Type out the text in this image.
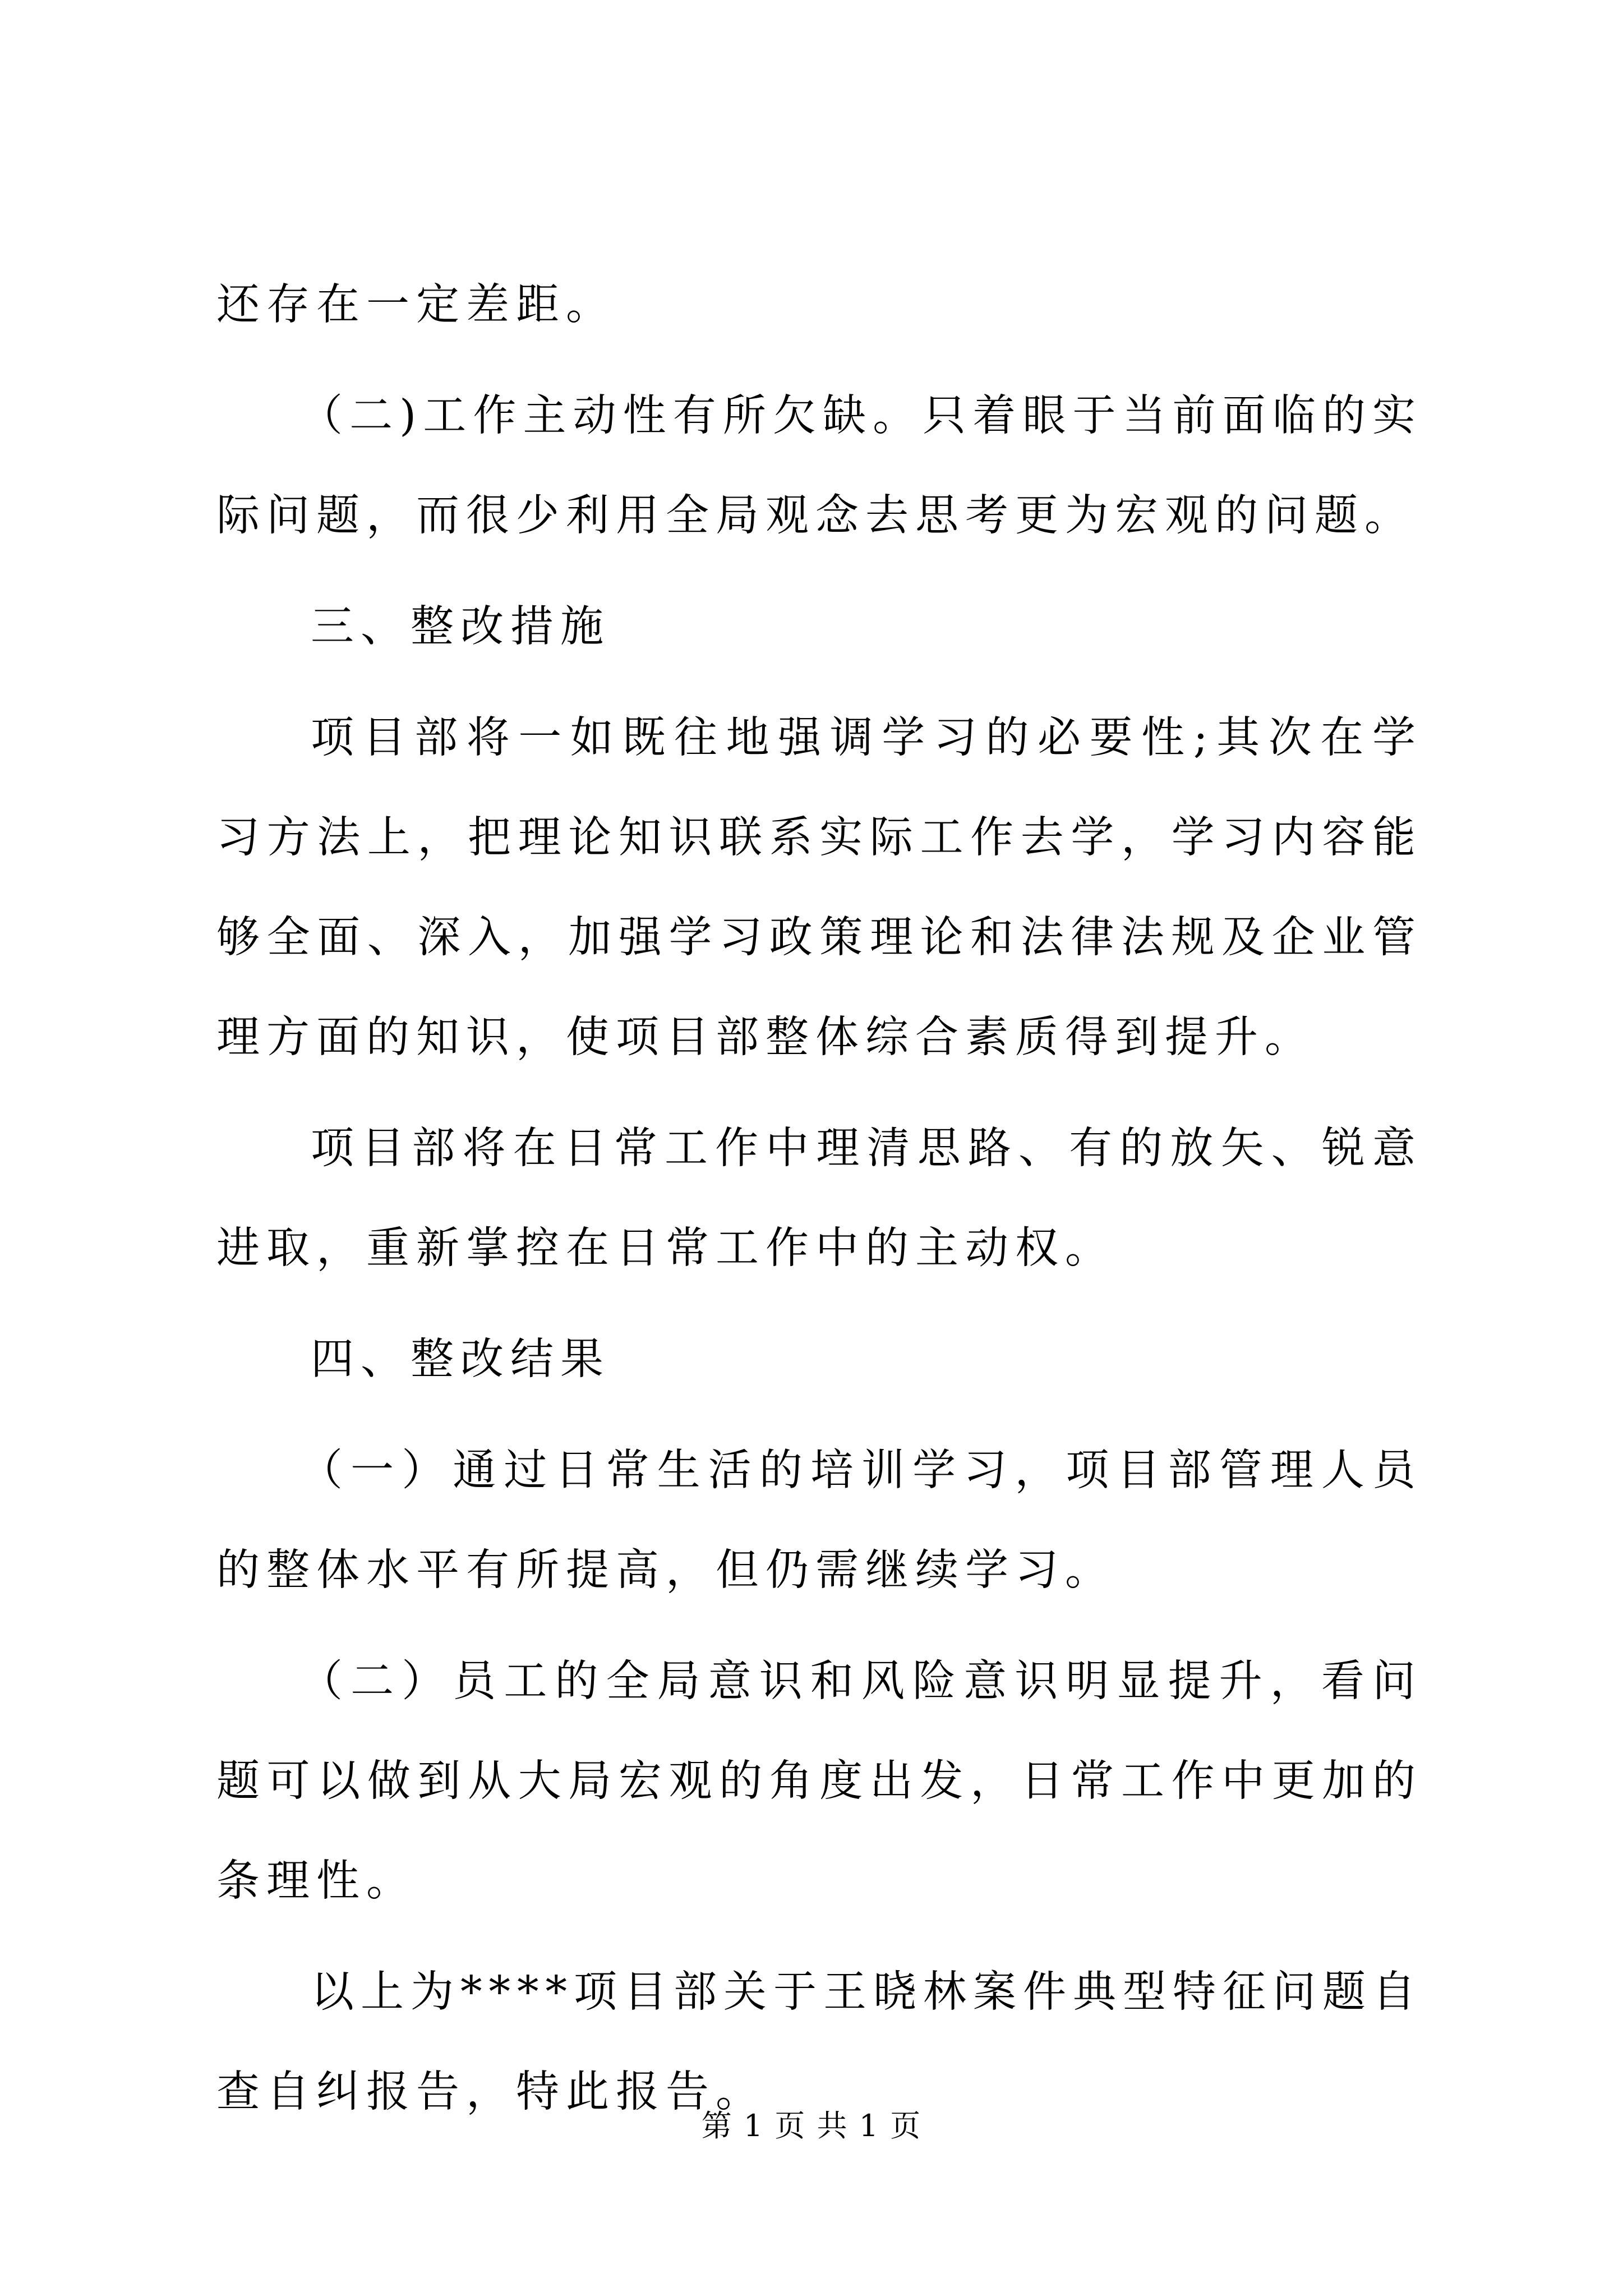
还存在一定差距。

（二)工作主动性有所欠缺。只着眼于当前面临的实际问题，而很少利用全局观念去思考更为宏观的问题。

三、整改措施

项目部将一如既往地强调学习的必要性;其次在学习方法上，把理论知识联系实际工作去学，学习内容能够全面、深入，加强学习政策理论和法律法规及企业管理方面的知识，使项目部整体综合素质得到提升。

项目部将在日常工作中理清思路、有的放矢、锐意进取，重新掌控在日常工作中的主动权。

四、整改结果

（一）通过日常生活的培训学习，项目部管理人员的整体水平有所提高，但仍需继续学习。

（二）员工的全局意识和风险意识明显提升，看问题可以做到从大局宏观的角度出发，日常工作中更加的条理性。

以上为****项目部关于王晓林案件典型特征问题自查自纠报告，特此报告。

第 1 页 共 1 页
